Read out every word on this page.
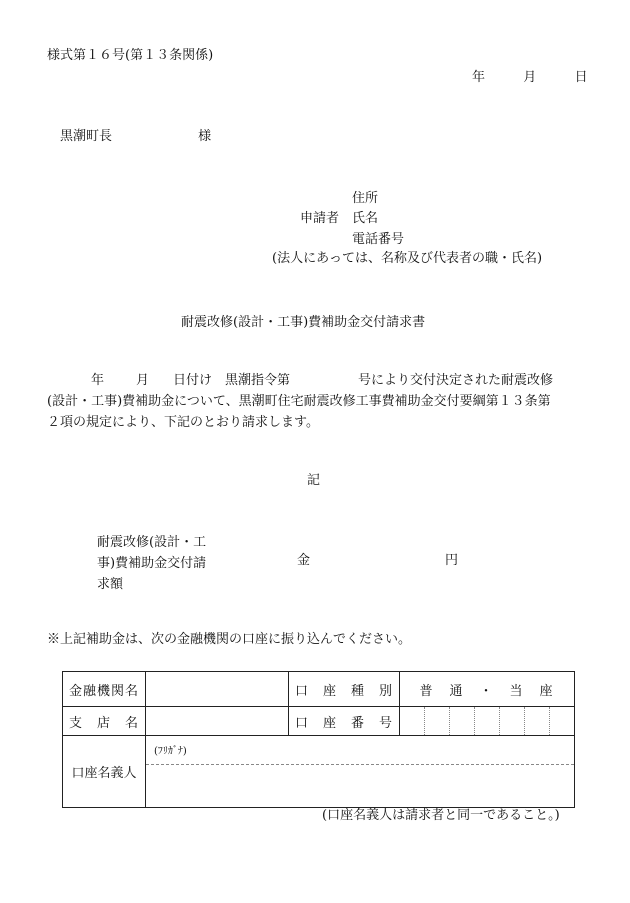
様式第１６号(第１３条関係)
年	月	日
黒潮町長	様
住所
申請者 氏名
電話番号
(法人にあっては、名称及び代表者の職・氏名)
耐震改修(設計・工事)費補助金交付請求書
年 月 日付け　黒潮指令第	号により交付決定された耐震改修
(設計・工事)費補助金について、黒潮町住宅耐震改修工事費補助金交付要綱第１３条第
２項の規定により、下記のとおり請求します。
記
耐震改修(設計・工
事)費補助金交付請
求額
金	円
※上記補助金は、次の金融機関の口座に振り込んでください。
金融機関名		口　座　種　別	普　通　・　当　座
支　店　名		口　座　番　号	

口座名義人	(ﾌﾘｶﾞﾅ)		
(口座名義人は請求者と同一であること。)
